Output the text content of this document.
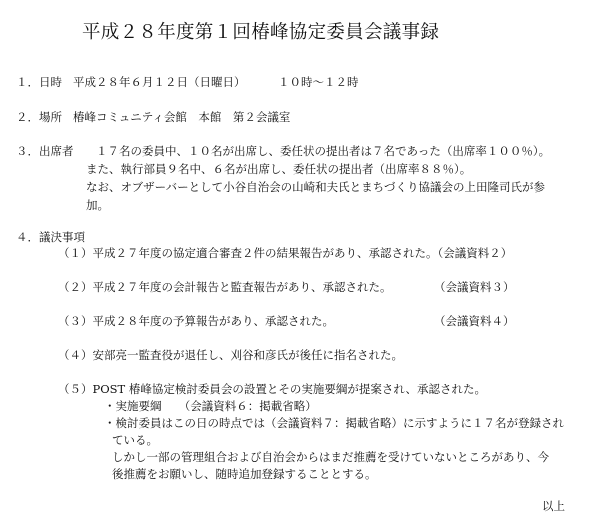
平成２８年度第１回椿峰協定委員会議事録
１．日時 平成２８年６月１２日（日曜日）	１０時～１２時
２．場所 椿峰コミュニティ会館　本館　第２会議室
３．出席者 １７名の委員中、１０名が出席し、委任状の提出者は７名であった（出席率１００％）。
また、執行部員９名中、６名が出席し、委任状の提出者（出席率８８％）。
なお、オブザーバーとして小谷自治会の山崎和夫氏とまちづくり協議会の上田隆司氏が参
加。
４．議決事項
（１）平成２７年度の協定適合審査２件の結果報告があり、承認された。（会議資料２）
（２）平成２７年度の会計報告と監査報告があり、承認された。	（会議資料３）
（３）平成２８年度の予算報告があり、承認された。	（会議資料４）
（４）安部亮一監査役が退任し、刈谷和彦氏が後任に指名された。
（５）POST 椿峰協定検討委員会の設置とその実施要綱が提案され、承認された。
・実施要綱　　（会議資料６：掲載省略）
・検討委員はこの日の時点では（会議資料７：掲載省略）に示すように１７名が登録され
ている。
しかし一部の管理組合および自治会からはまだ推薦を受けていないところがあり、今
後推薦をお願いし、随時追加登録することとする。
以上
